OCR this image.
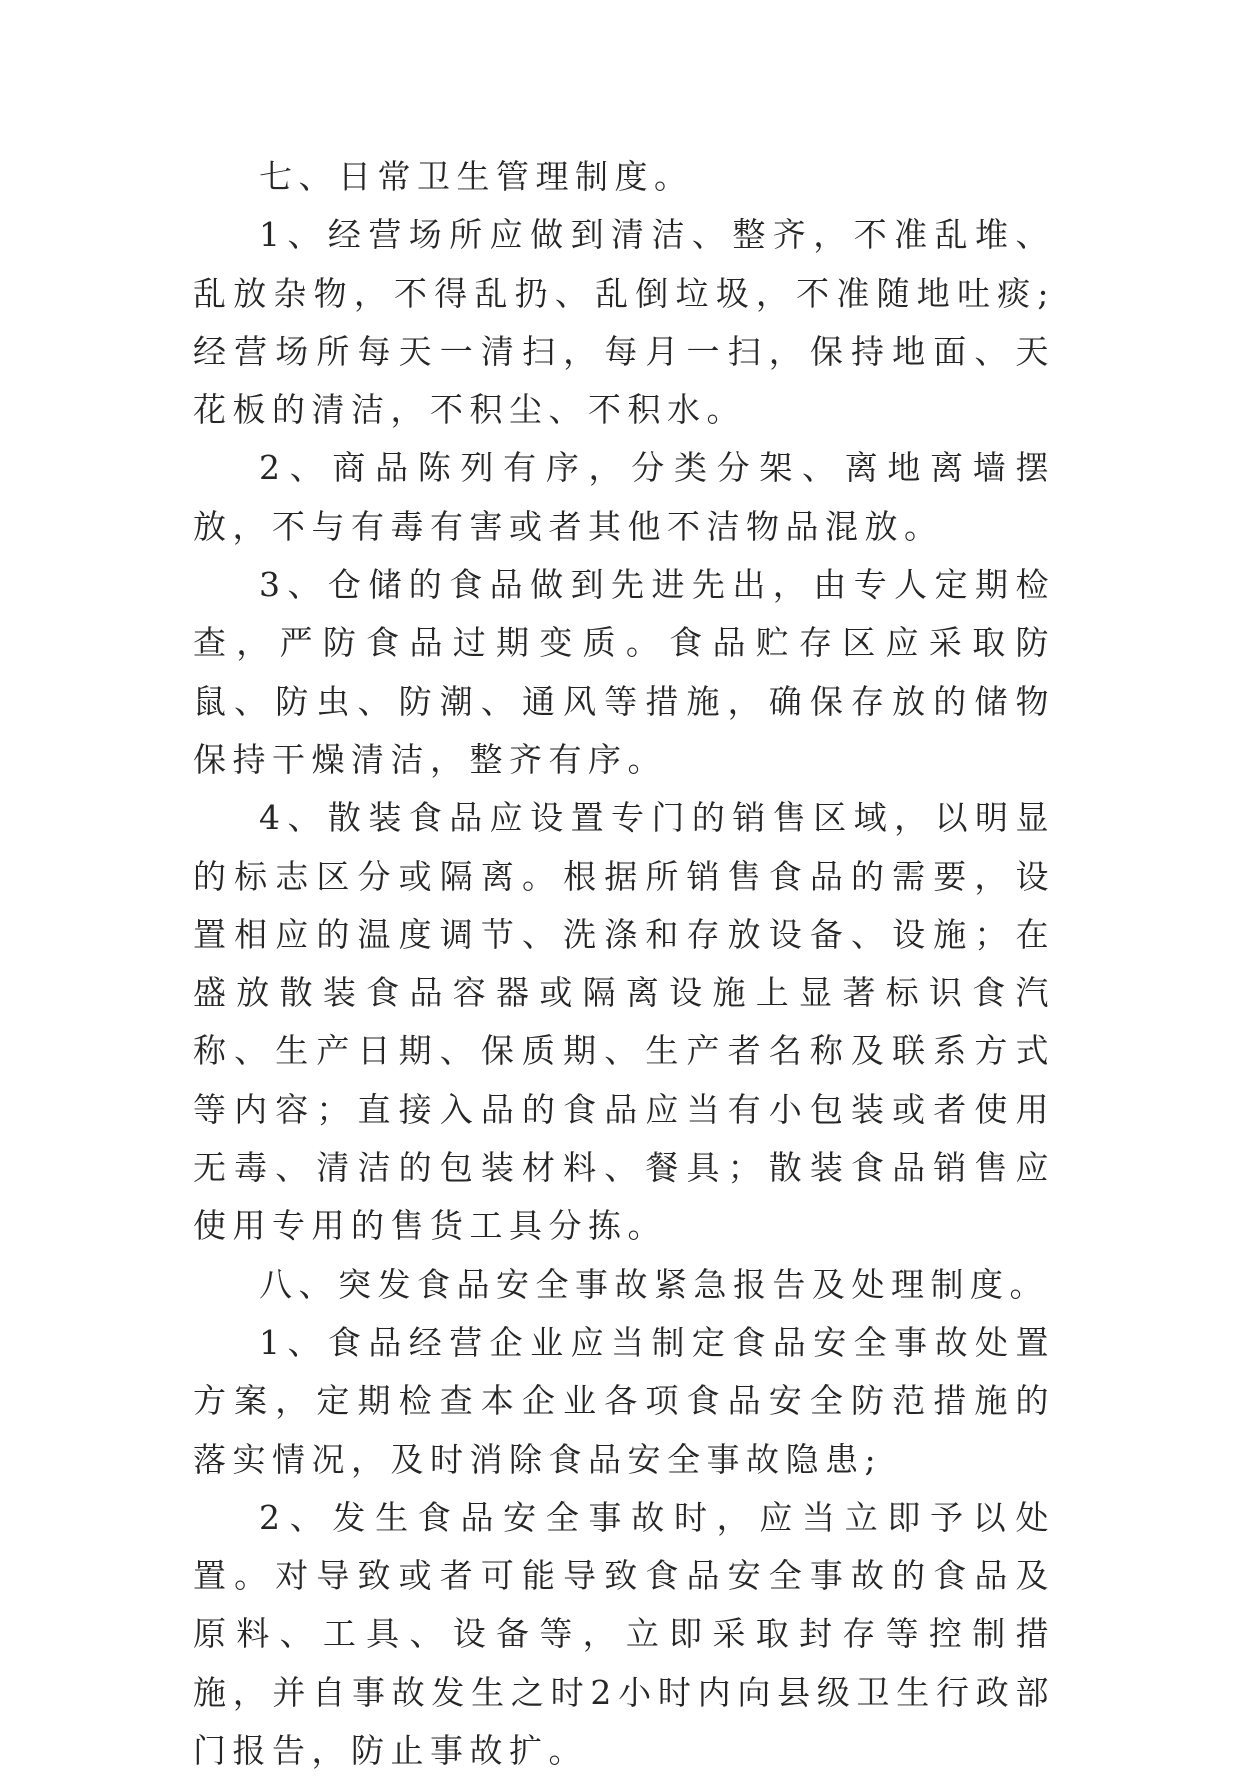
七、日常卫生管理制度。

1、经营场所应做到清洁、整齐，不准乱堆、乱放杂物，不得乱扔、乱倒垃圾，不准随地吐痰;经营场所每天一清扫，每月一扫，保持地面、天花板的清洁，不积尘、不积水。

2、商品陈列有序，分类分架、离地离墙摆放，不与有毒有害或者其他不洁物品混放。

3、仓储的食品做到先进先出，由专人定期检查，严防食品过期变质。食品贮存区应采取防鼠、防虫、防潮、通风等措施，确保存放的储物保持干燥清洁，整齐有序。

4、散装食品应设置专门的销售区域，以明显的标志区分或隔离。根据所销售食品的需要，设置相应的温度调节、洗涤和存放设备、设施；在盛放散装食品容器或隔离设施上显著标识食汽称、生产日期、保质期、生产者名称及联系方式等内容；直接入品的食品应当有小包装或者使用无毒、清洁的包装材料、餐具；散装食品销售应使用专用的售货工具分拣。

八、突发食品安全事故紧急报告及处理制度。

1、食品经营企业应当制定食品安全事故处置方案，定期检查本企业各项食品安全防范措施的落实情况，及时消除食品安全事故隐患;

2、发生食品安全事故时，应当立即予以处置。对导致或者可能导致食品安全事故的食品及原料、工具、设备等，立即采取封存等控制措施，并自事故发生之时2小时内向县级卫生行政部门报告，防止事故扩。
